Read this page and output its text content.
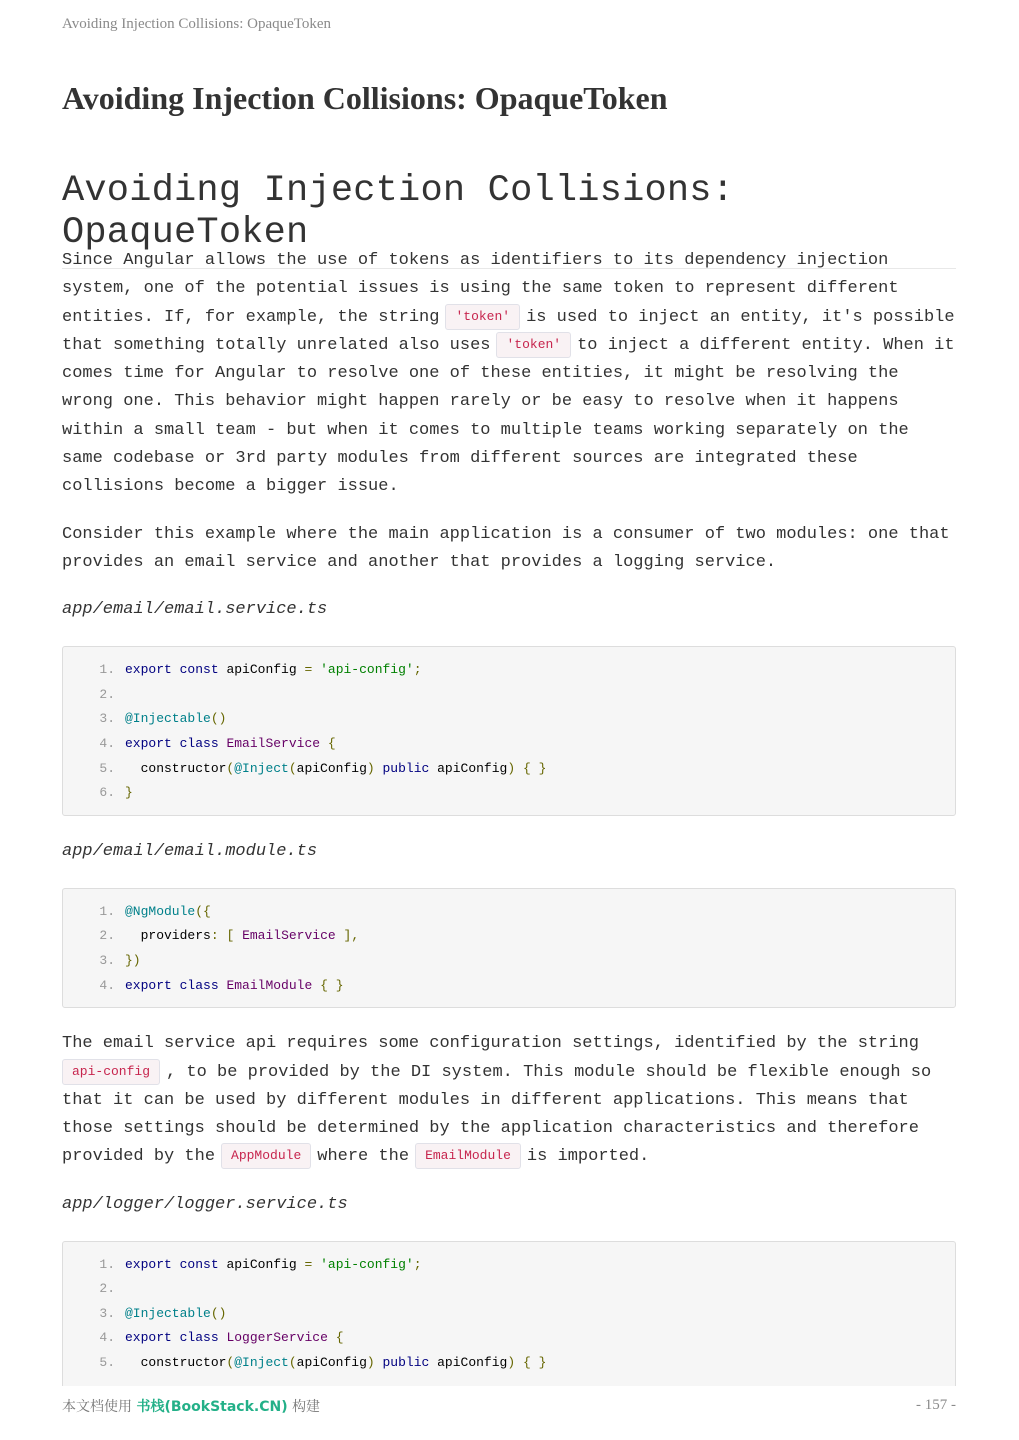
Avoiding Injection Collisions: OpaqueToken
Avoiding Injection Collisions: OpaqueToken
Avoiding Injection Collisions: OpaqueToken

Since Angular allows the use of tokens as identifiers to its dependency injection system, one of the potential issues is using the same token to represent different entities. If, for example, the string 'token' is used to inject an entity, it's possible that something totally unrelated also uses 'token' to inject a different entity. When it comes time for Angular to resolve one of these entities, it might be resolving the wrong one. This behavior might happen rarely or be easy to resolve when it happens within a small team - but when it comes to multiple teams working separately on the same codebase or 3rd party modules from different sources are integrated these collisions become a bigger issue.

Consider this example where the main application is a consumer of two modules: one that provides an email service and another that provides a logging service.

app/email/email.service.ts
1. export const apiConfig = 'api-config';
2.
3. @Injectable()
4. export class EmailService {
5. constructor(@Inject(apiConfig) public apiConfig) { }
6. }
app/email/email.module.ts
1. @NgModule({
2. providers: [ EmailService ],
3. })
4. export class EmailModule { }

The email service api requires some configuration settings, identified by the string api-config , to be provided by the DI system. This module should be flexible enough so that it can be used by different modules in different applications. This means that those settings should be determined by the application characteristics and therefore provided by the AppModule where the EmailModule is imported.

app/logger/logger.service.ts
1. export const apiConfig = 'api-config';
2.
3. @Injectable()
4. export class LoggerService {
5. constructor(@Inject(apiConfig) public apiConfig) { }
本文档使用 书栈(BookStack.CN) 构建	- 157 -
